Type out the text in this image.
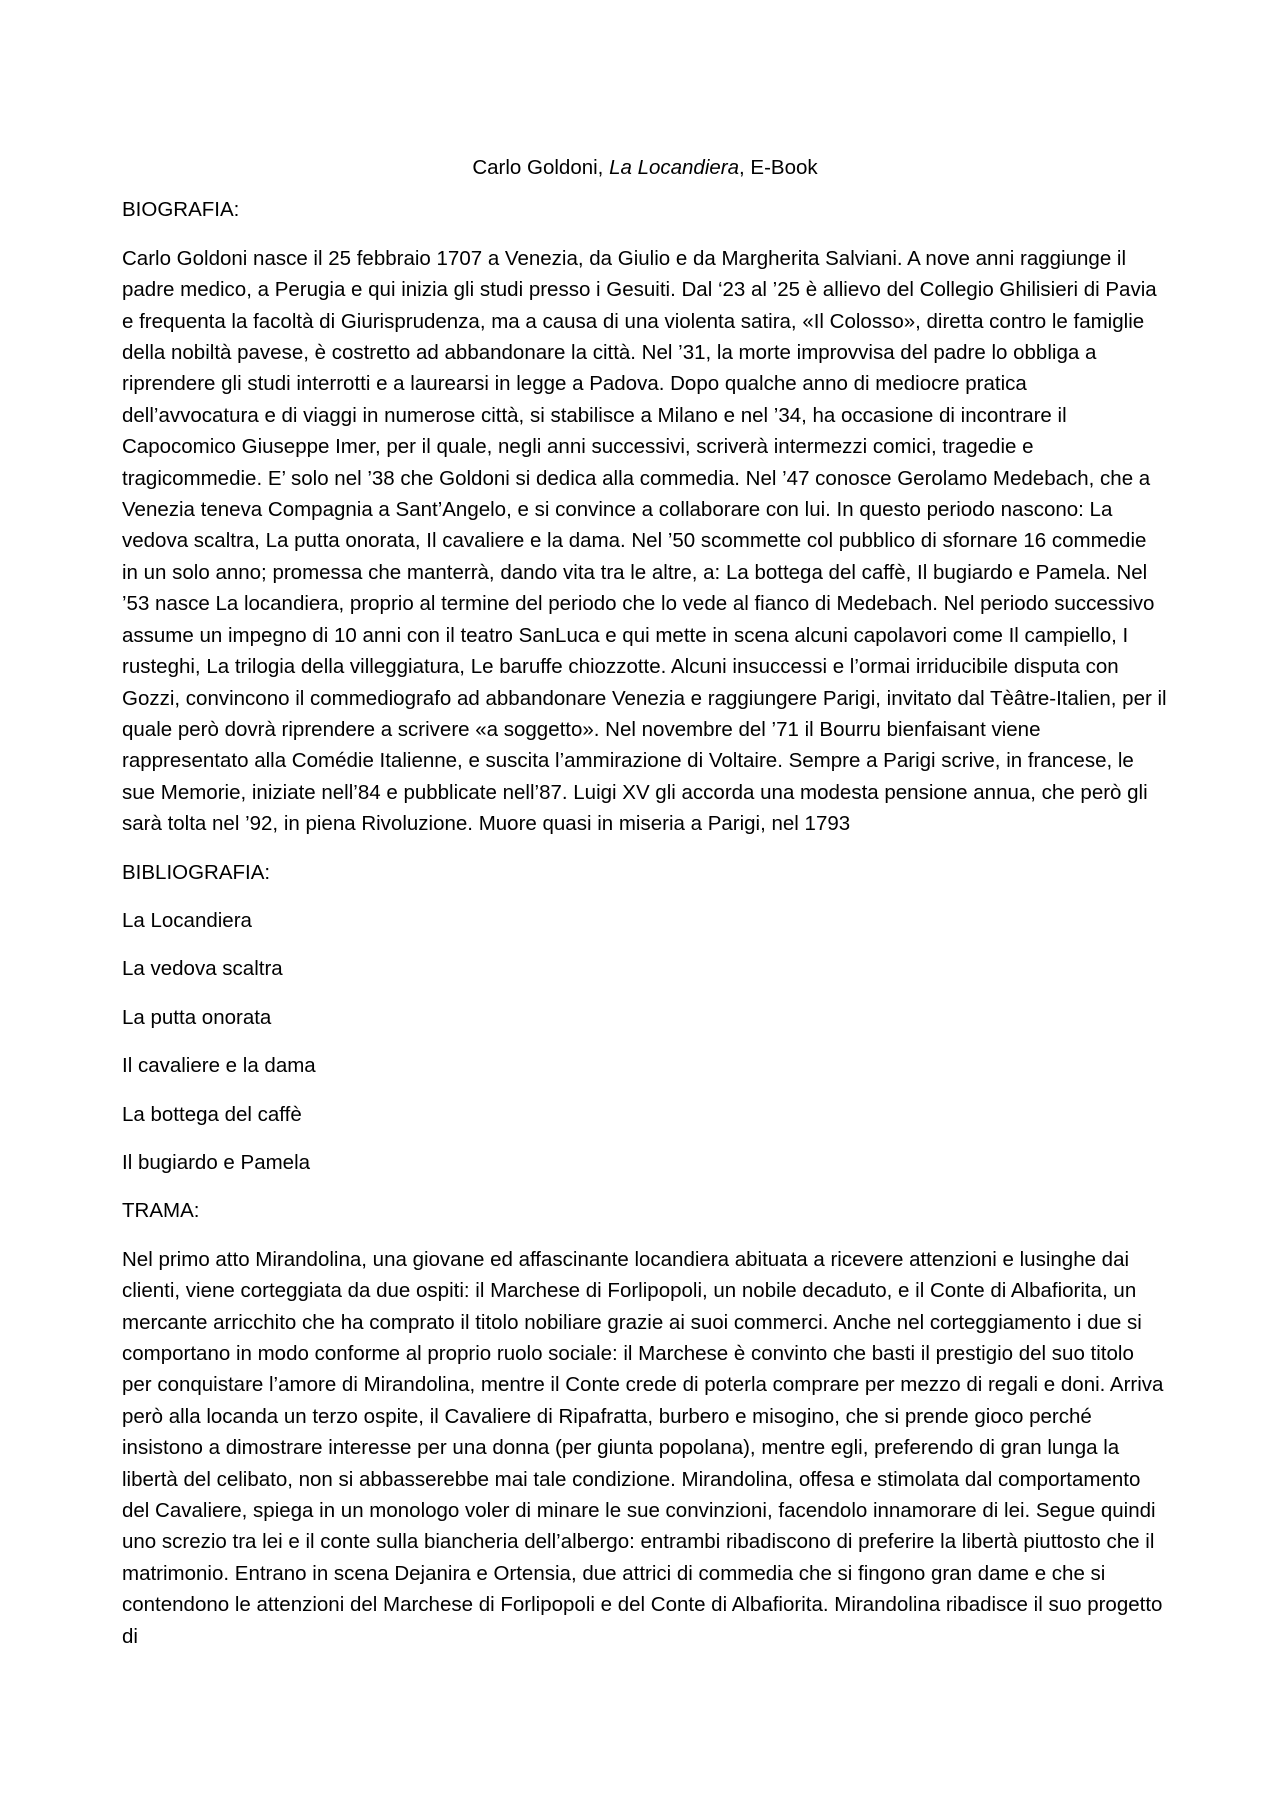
Carlo Goldoni, La Locandiera, E-Book

BIOGRAFIA:

Carlo Goldoni nasce il 25 febbraio 1707 a Venezia, da Giulio e da Margherita Salviani. A nove anni raggiunge il padre medico, a Perugia e qui inizia gli studi presso i Gesuiti. Dal ‘23 al ’25 è allievo del Collegio Ghilisieri di Pavia e frequenta la facoltà di Giurisprudenza, ma a causa di una violenta satira, «Il Colosso», diretta contro le famiglie della nobiltà pavese, è costretto ad abbandonare la città. Nel ’31, la morte improvvisa del padre lo obbliga a riprendere gli studi interrotti e a laurearsi in legge a Padova. Dopo qualche anno di mediocre pratica dell’avvocatura e di viaggi in numerose città, si stabilisce a Milano e nel ’34, ha occasione di incontrare il Capocomico Giuseppe Imer, per il quale, negli anni successivi, scriverà intermezzi comici, tragedie e tragicommedie. E’ solo nel ’38 che Goldoni si dedica alla commedia. Nel ’47 conosce Gerolamo Medebach, che a Venezia teneva Compagnia a Sant’Angelo, e si convince a collaborare con lui. In questo periodo nascono: La vedova scaltra, La putta onorata, Il cavaliere e la dama. Nel ’50 scommette col pubblico di sfornare 16 commedie in un solo anno; promessa che manterrà, dando vita tra le altre, a: La bottega del caffè, Il bugiardo e Pamela. Nel ’53 nasce La locandiera, proprio al termine del periodo che lo vede al fianco di Medebach. Nel periodo successivo assume un impegno di 10 anni con il teatro SanLuca e qui mette in scena alcuni capolavori come Il campiello, I rusteghi, La trilogia della villeggiatura, Le baruffe chiozzotte. Alcuni insuccessi e l’ormai irriducibile disputa con Gozzi, convincono il commediografo ad abbandonare Venezia e raggiungere Parigi, invitato dal Tèâtre-Italien, per il quale però dovrà riprendere a scrivere «a soggetto». Nel novembre del ’71 il Bourru bienfaisant viene rappresentato alla Comédie Italienne, e suscita l’ammirazione di Voltaire. Sempre a Parigi scrive, in francese, le sue Memorie, iniziate nell’84 e pubblicate nell’87. Luigi XV gli accorda una modesta pensione annua, che però gli sarà tolta nel ’92, in piena Rivoluzione. Muore quasi in miseria a Parigi, nel 1793

BIBLIOGRAFIA:

La Locandiera
La vedova scaltra
La putta onorata
Il cavaliere e la dama
La bottega del caffè
Il bugiardo e Pamela

TRAMA:

Nel primo atto Mirandolina, una giovane ed affascinante locandiera abituata a ricevere attenzioni e lusinghe dai clienti, viene corteggiata da due ospiti: il Marchese di Forlipopoli, un nobile decaduto, e il Conte di Albafiorita, un mercante arricchito che ha comprato il titolo nobiliare grazie ai suoi commerci. Anche nel corteggiamento i due si comportano in modo conforme al proprio ruolo sociale: il Marchese è convinto che basti il prestigio del suo titolo per conquistare l’amore di Mirandolina, mentre il Conte crede di poterla comprare per mezzo di regali e doni. Arriva però alla locanda un terzo ospite, il Cavaliere di Ripafratta, burbero e misogino, che si prende gioco perché insistono a dimostrare interesse per una donna (per giunta popolana), mentre egli, preferendo di gran lunga la libertà del celibato, non si abbasserebbe mai tale condizione. Mirandolina, offesa e stimolata dal comportamento del Cavaliere, spiega in un monologo voler di minare le sue convinzioni, facendolo innamorare di lei. Segue quindi uno screzio tra lei e il conte sulla biancheria dell’albergo: entrambi ribadiscono di preferire la libertà piuttosto che il matrimonio. Entrano in scena Dejanira e Ortensia, due attrici di commedia che si fingono gran dame e che si contendono le attenzioni del Marchese di Forlipopoli e del Conte di Albafiorita. Mirandolina ribadisce il suo progetto di
